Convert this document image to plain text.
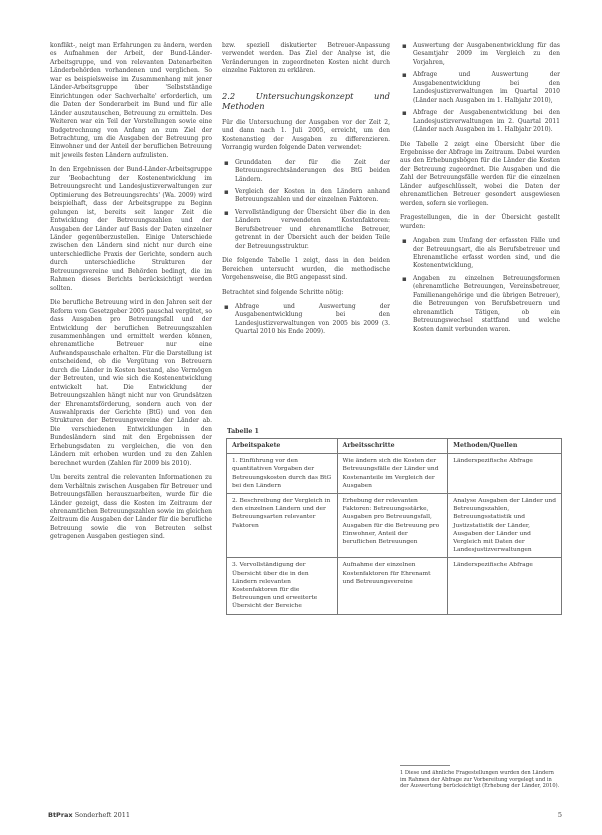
konflikt-, neigt man Erfahrungen zu ändern, werden es Aufnahmen der Arbeit, der Bund-Länder-Arbeitsgruppe, und von relevanten Datenarbeiten Länderbehörden vorhandenen und verglichen. So war es beispielsweise im Zusammenhang mit jener Länder-Arbeitsgruppe über 'Selbstständige Einrichtungen oder Sachverhalte' erforderlich, um die Daten der Sonderarbeit im Bund und für alle Länder auszutauschen, Betreuung zu ermitteln. Des Weiteren war ein Teil der Vorstellungen sowie eine Budgetrechnung von Anfang an zum Ziel der Betrachtung, um die Ausgaben der Betreuung pro Einwohner und der Anteil der beruflichen Betreuung mit jeweils festen Ländern aufzulisten.

In den Ergebnissen der Bund-Länder-Arbeitsgruppe zur 'Beobachtung der Kostenentwicklung im Betreuungsrecht und Landesjustizverwaltungen zur Optimierung des Betreuungsrechts' (Wa. 2009) wird beispielhaft, dass der Arbeitsgruppe zu Beginn gelungen ist, bereits seit langer Zeit die Entwicklung der Betreuungszahlen und der Ausgaben der Länder auf Basis der Daten einzelner Länder gegenüberzustellen. Einige Unterschiede zwischen den Ländern sind nicht nur durch eine unterschiedliche Praxis der Gerichte, sondern auch durch unterschiedliche Strukturen der Betreuungsvereine und Behörden bedingt, die im Rahmen dieses Berichts berücksichtigt werden sollten.

Die berufliche Betreuung wird in den Jahren seit der Reform vom Gesetzgeber 2005 pauschal vergütet, so dass Ausgaben pro Betreuungsfall und der Entwicklung der beruflichen Betreuungszahlen zusammenhängen und ermittelt werden können, ehrenamtliche Betreuer nur eine Aufwandspauschale erhalten. Für die Darstellung ist entscheidend, ob die Vergütung von Betreuern durch die Länder in Kosten bestand, also Vermögen der Betreuten, und wie sich die Kostenentwicklung entwickelt hat. Die Entwicklung der Betreuungszahlen hängt nicht nur von Grundsätzen der Ehrenamtsförderung, sondern auch von der Auswahlpraxis der Gerichte (BtG) und von den Strukturen der Betreuungsvereine der Länder ab. Die verschiedenen Entwicklungen in den Bundesländern sind mit den Ergebnissen der Erhebungsdaten zu vergleichen, die von den Ländern mit erhoben wurden und zu den Zahlen berechnet wurden (Zahlen für 2009 bis 2010).

Um bereits zentral die relevanten Informationen zu dem Verhältnis zwischen Ausgaben für Betreuer und Betreuungsfällen herauszuarbeiten, wurde für die Länder gezeigt, dass die Kosten im Zeitraum der ehrenamtlichen Betreuungszahlen sowie im gleichen Zeitraum die Ausgaben der Länder für die berufliche Betreuung sowie die von Betreuten selbst getragenen Ausgaben gestiegen sind.

bzw. speziell diskutierter Betreuer-Anpassung verwendet werden. Das Ziel der Analyse ist, die Veränderungen in zugeordneten Kosten nicht durch einzelne Faktoren zu erklären.

2.2 Untersuchungskonzept und Methoden

Für die Untersuchung der Ausgaben vor der Zeit 2, und dann nach 1. Juli 2005, erreicht, um den Kostenanstieg der Ausgaben zu differenzieren. Vorrangig wurden folgende Daten verwendet:

▪ Grunddaten der für die Zeit der Betreuungsrechtsänderungen des BtG beiden Ländern.
▪ Vergleich der Kosten in den Ländern anhand Betreuungszahlen und der einzelnen Faktoren.
▪ Vervollständigung der Übersicht über die in den Ländern verwendeten Kostenfaktoren: Berufsbetreuer und ehrenamtliche Betreuer, getrennt in der Übersicht auch der beiden Teile der Betreuungsstruktur.

Die folgende Tabelle 1 zeigt, dass in den beiden Bereichen untersucht wurden, die methodische Vorgehensweise, die BtG angepasst sind.

Betrachtet sind folgende Schritte nötig:

▪ Abfrage und Auswertung der Ausgabenentwicklung bei den Landesjustizverwaltungen von 2005 bis 2009 (3. Quartal 2010 bis Ende 2009).
▪ Auswertung der Ausgabenentwicklung für das Gesamtjahr 2009 im Vergleich zu den Vorjahren,
▪ Abfrage und Auswertung der Ausgabenentwicklung bei den Landesjustizverwaltungen im Quartal 2010 (Länder nach Ausgaben im 1. Halbjahr 2010),
▪ Abfrage der Ausgabenentwicklung bei den Landesjustizverwaltungen im 2. Quartal 2011 (Länder nach Ausgaben im 1. Halbjahr 2010).

Die Tabelle 2 zeigt eine Übersicht über die Ergebnisse der Abfrage im Zeitraum. Dabei wurden aus den Erhebungsbögen für die Länder die Kosten der Betreuung zugeordnet. Die Ausgaben und die Zahl der Betreuungsfälle werden für die einzelnen Länder aufgeschlüsselt, wobei die Daten der ehrenamtlichen Betreuer gesondert ausgewiesen werden, sofern sie vorliegen.

Fragestellungen, die in der Übersicht gestellt wurden:

▪ Angaben zum Umfang der erfassten Fälle und der Betreuungsart, die als Berufsbetreuer und Ehrenamtliche erfasst worden sind, und die Kostenentwicklung,
▪ Angaben zu einzelnen Betreuungsformen (ehrenamtliche Betreuungen, Vereinsbetreuer, Familienangehörige und die übrigen Betreuer), die Betreuungen von Berufsbetreuern und ehrenamtlich Tätigen, ob ein Betreuungswechsel stattfand und welche Kosten damit verbunden waren.
Tabelle 1
Arbeitspakete	Arbeitsschritte	Methoden/Quellen
1. Einführung vor den quantitativen Vorgaben der Betreuungskosten durch das BtG bei den Ländern	Wie ändern sich die Kosten der Betreuungsfälle der Länder und Kostenanteile im Vergleich der Ausgaben	Länderspezifische Abfrage
2. Beschreibung der Vergleich in den einzelnen Ländern und der Betreuungsarten relevanter Faktoren	Erhebung der relevanten Faktoren: Betreuungsstärke, Ausgaben pro Betreuungsfall, Ausgaben für die Betreuung pro Einwohner, Anteil der beruflichen Betreuungen	Analyse Ausgaben der Länder und Betreuungszahlen, Betreuungsstatistik und Justizstatistik der Länder, Ausgaben der Länder und Vergleich mit Daten der Landesjustizverwaltungen
3. Vervollständigung der Übersicht über die in den Ländern relevanten Kostenfaktoren für die Betreuungen und erweiterte Übersicht der Bereiche	Aufnahme der einzelnen Kostenfaktoren für Ehrenamt und Betreuungsvereine	Länderspezifische Abfrage
1 Diese und ähnliche Fragestellungen wurden den Ländern im Rahmen der Abfrage zur Vorbereitung vorgelegt und in der Auswertung berücksichtigt (Erhebung der Länder, 2010).
BtPrax Sonderheft 2011	5
